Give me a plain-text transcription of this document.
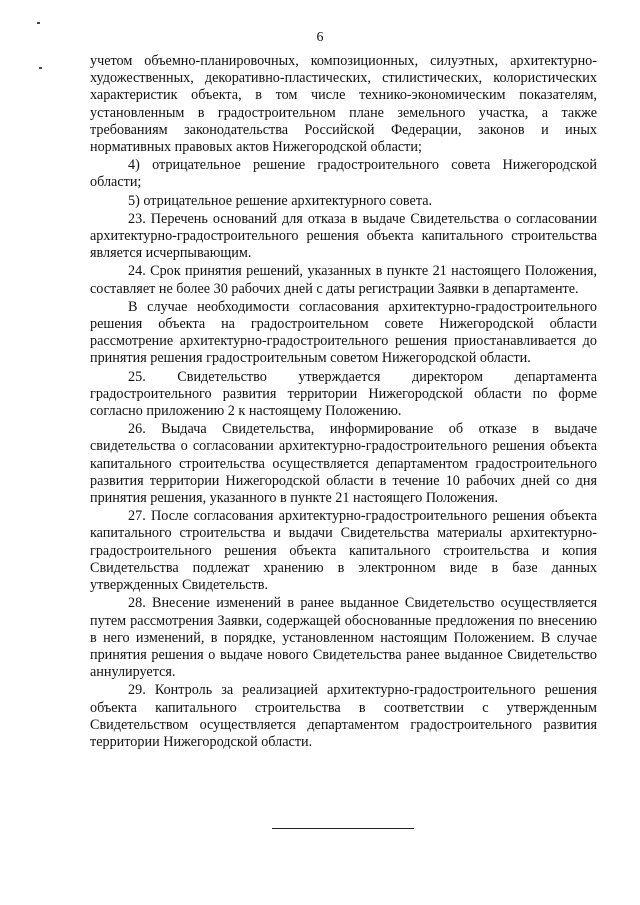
6

учетом объемно-планировочных, композиционных, силуэтных, архитектурно-художественных, декоративно-пластических, стилистических, колористических характеристик объекта, в том числе технико-экономическим показателям, установленным в градостроительном плане земельного участка, а также требованиям законодательства Российской Федерации, законов и иных нормативных правовых актов Нижегородской области;

4) отрицательное решение градостроительного совета Нижегородской области;

5) отрицательное решение архитектурного совета.

23. Перечень оснований для отказа в выдаче Свидетельства о согласовании архитектурно-градостроительного решения объекта капитального строительства является исчерпывающим.

24. Срок принятия решений, указанных в пункте 21 настоящего Положения, составляет не более 30 рабочих дней с даты регистрации Заявки в департаменте.

В случае необходимости согласования архитектурно-градостроительного решения объекта на градостроительном совете Нижегородской области рассмотрение архитектурно-градостроительного решения приостанавливается до принятия решения градостроительным советом Нижегородской области.

25. Свидетельство утверждается директором департамента градостроительного развития территории Нижегородской области по форме согласно приложению 2 к настоящему Положению.

26. Выдача Свидетельства, информирование об отказе в выдаче свидетельства о согласовании архитектурно-градостроительного решения объекта капитального строительства осуществляется департаментом градостроительного развития территории Нижегородской области в течение 10 рабочих дней со дня принятия решения, указанного в пункте 21 настоящего Положения.

27. После согласования архитектурно-градостроительного решения объекта капитального строительства и выдачи Свидетельства материалы архитектурно-градостроительного решения объекта капитального строительства и копия Свидетельства подлежат хранению в электронном виде в базе данных утвержденных Свидетельств.

28. Внесение изменений в ранее выданное Свидетельство осуществляется путем рассмотрения Заявки, содержащей обоснованные предложения по внесению в него изменений, в порядке, установленном настоящим Положением. В случае принятия решения о выдаче нового Свидетельства ранее выданное Свидетельство аннулируется.

29. Контроль за реализацией архитектурно-градостроительного решения объекта капитального строительства в соответствии с утвержденным Свидетельством осуществляется департаментом градостроительного развития территории Нижегородской области.
